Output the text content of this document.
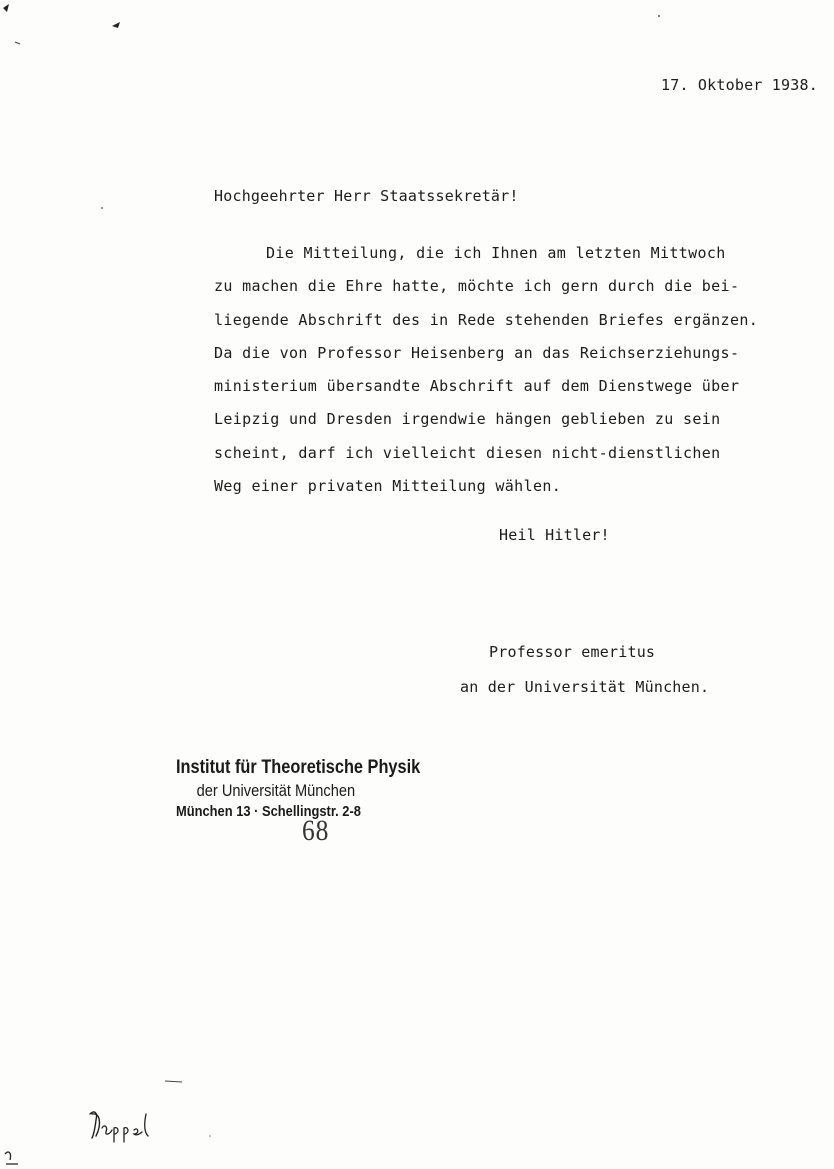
17. Oktober 1938.
Hochgeehrter Herr Staatssekretär!
Die Mitteilung, die ich Ihnen am letzten Mittwoch
zu machen die Ehre hatte, möchte ich gern durch die bei-
liegende Abschrift des in Rede stehenden Briefes ergänzen.
Da die von Professor Heisenberg an das Reichserziehungs-
ministerium übersandte Abschrift auf dem Dienstwege über
Leipzig und Dresden irgendwie hängen geblieben zu sein
scheint, darf ich vielleicht diesen nicht-dienstlichen
Weg einer privaten Mitteilung wählen.
Heil Hitler!
Professor emeritus
an der Universität München.
Institut für Theoretische Physik
der Universität München
München 13 · Schellingstr. 2-8
68
